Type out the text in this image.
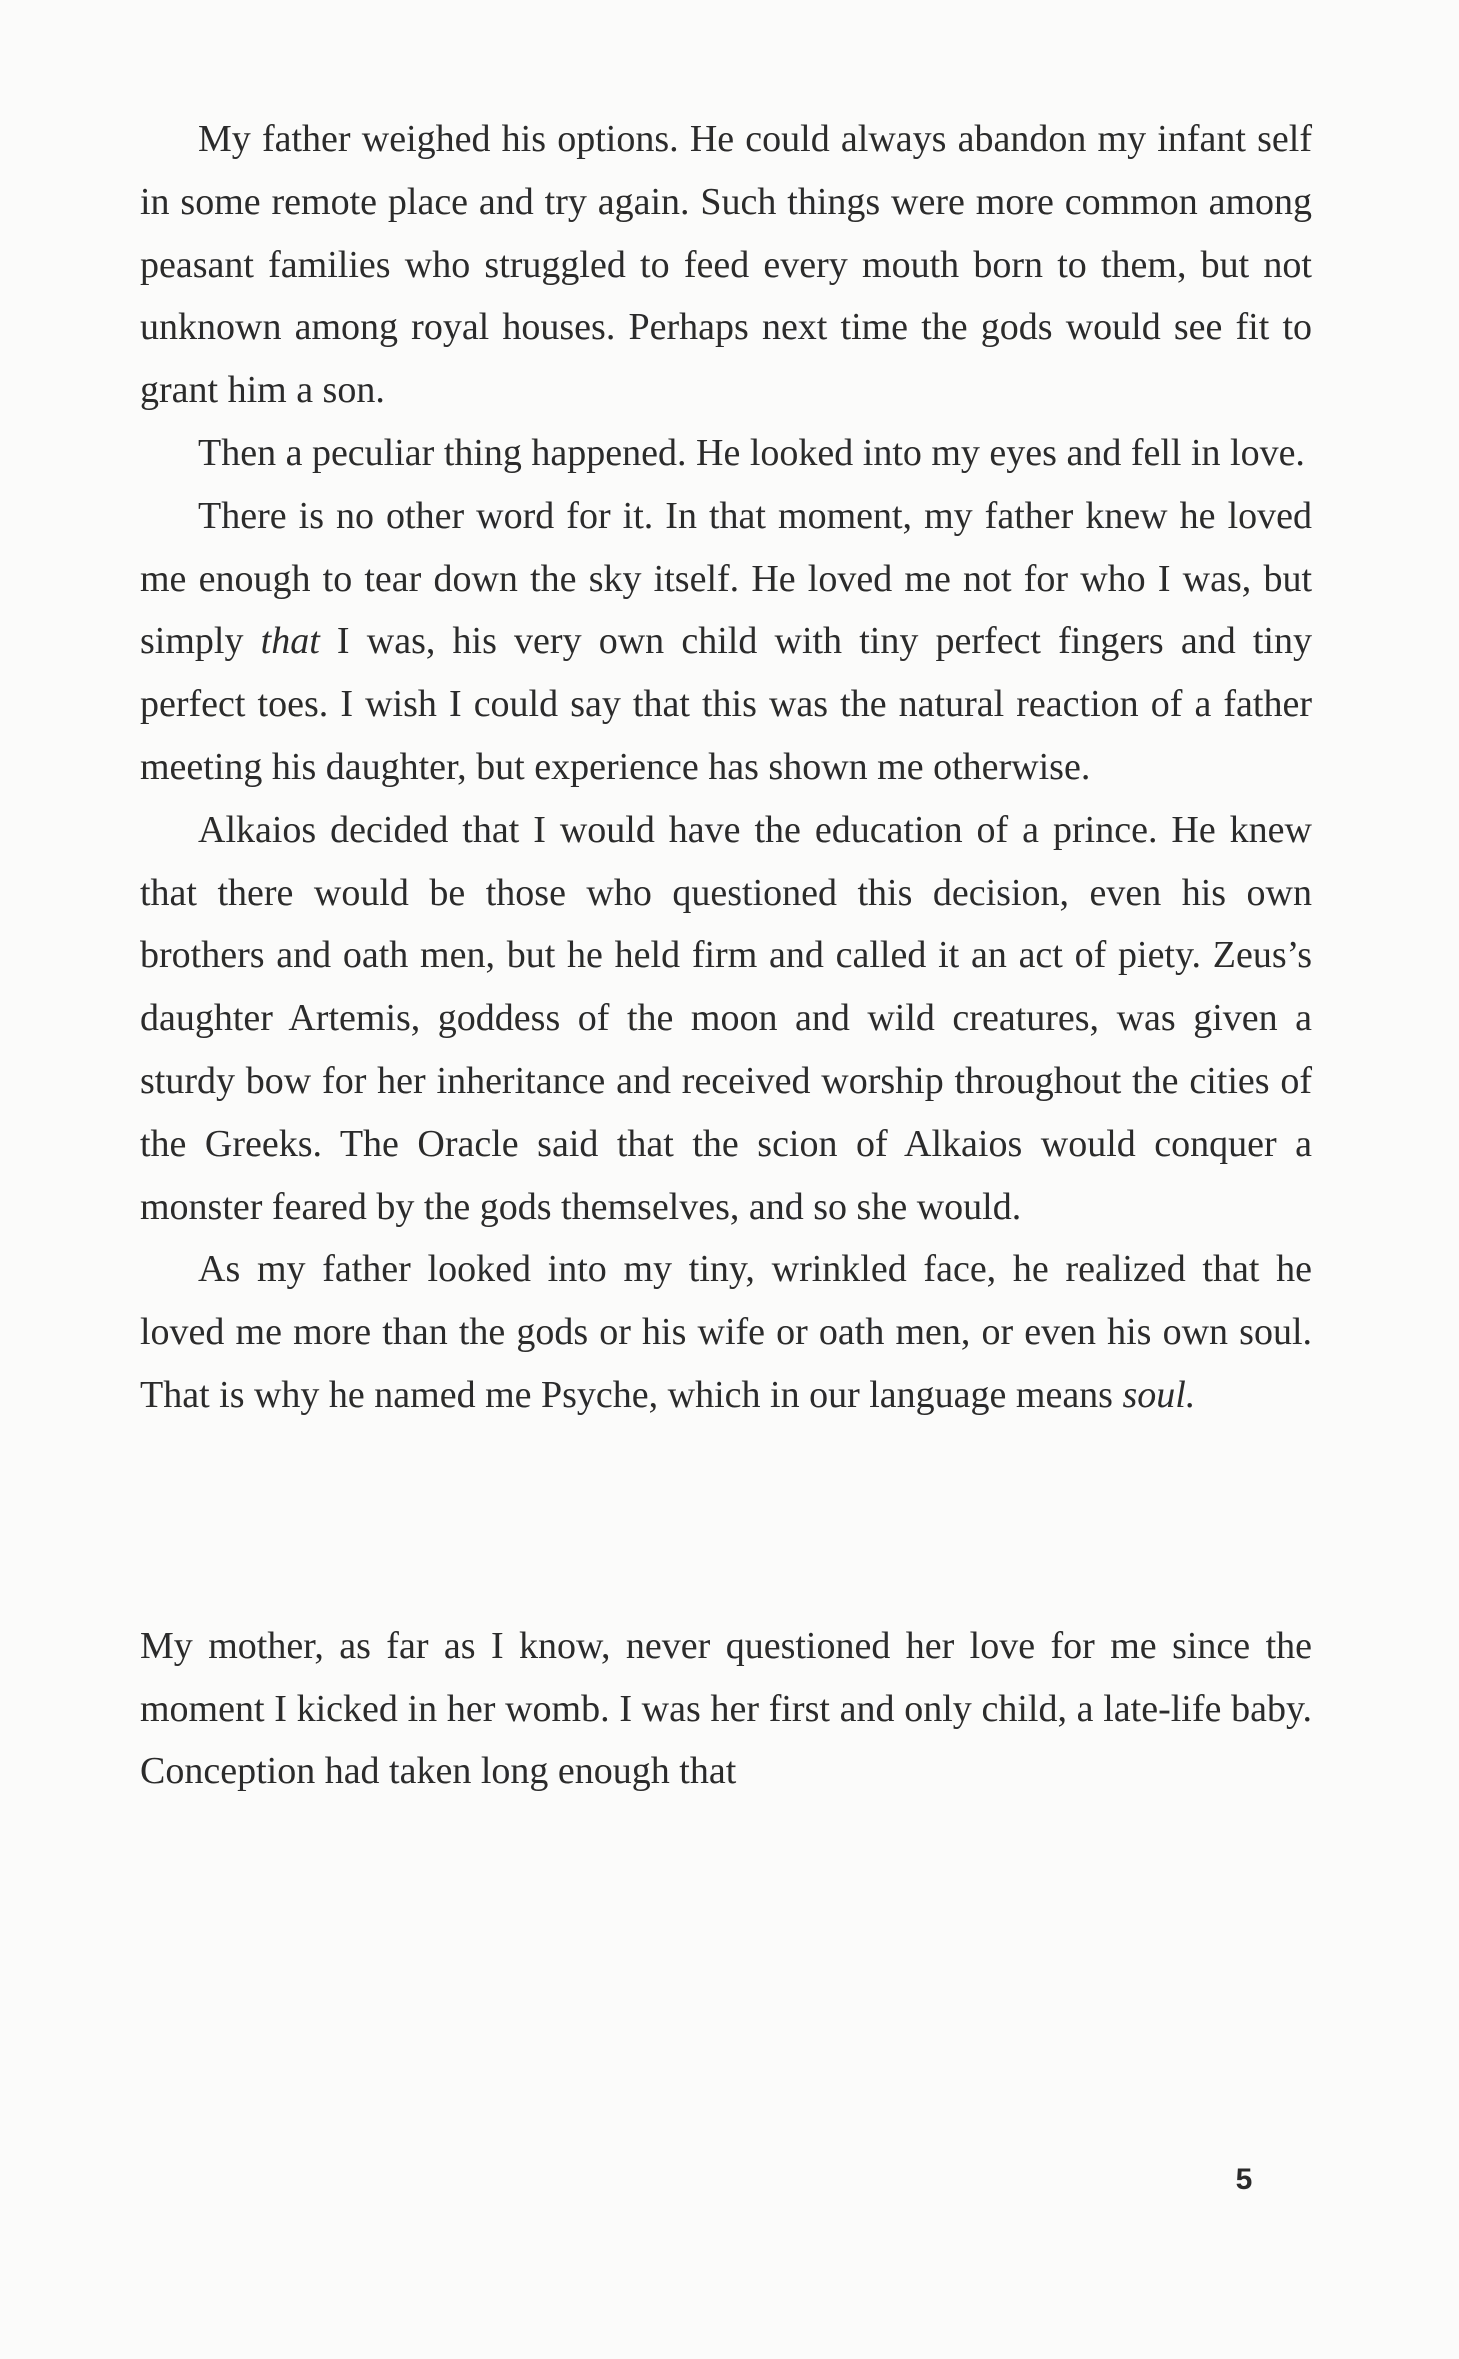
My father weighed his options. He could always abandon my infant self in some remote place and try again. Such things were more common among peasant families who struggled to feed every mouth born to them, but not unknown among royal houses. Perhaps next time the gods would see fit to grant him a son.

Then a peculiar thing happened. He looked into my eyes and fell in love.

There is no other word for it. In that moment, my father knew he loved me enough to tear down the sky itself. He loved me not for who I was, but simply that I was, his very own child with tiny perfect fingers and tiny perfect toes. I wish I could say that this was the natural reaction of a father meeting his daughter, but experience has shown me otherwise.

Alkaios decided that I would have the education of a prince. He knew that there would be those who questioned this decision, even his own brothers and oath men, but he held firm and called it an act of piety. Zeus’s daughter Artemis, goddess of the moon and wild creatures, was given a sturdy bow for her inheritance and received worship throughout the cities of the Greeks. The Oracle said that the scion of Alkaios would conquer a monster feared by the gods themselves, and so she would.

As my father looked into my tiny, wrinkled face, he realized that he loved me more than the gods or his wife or oath men, or even his own soul. That is why he named me Psyche, which in our language means soul.

My mother, as far as I know, never questioned her love for me since the moment I kicked in her womb. I was her first and only child, a late-life baby. Conception had taken long enough that

5
